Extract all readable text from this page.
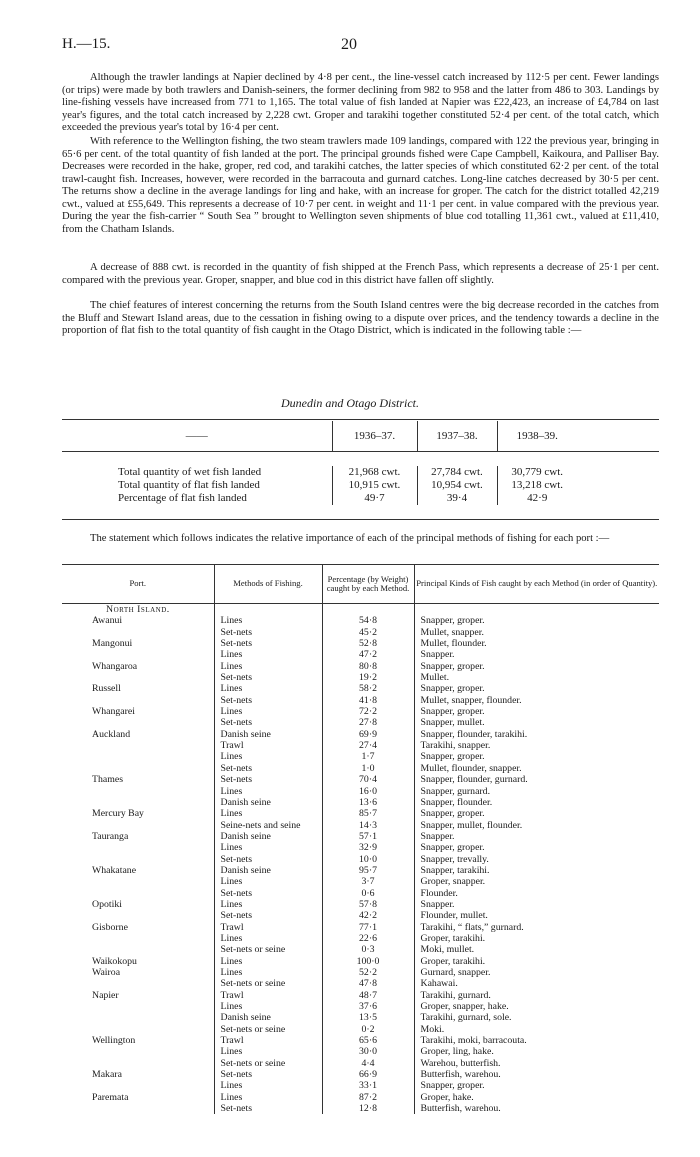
H.—15.	20

Although the trawler landings at Napier declined by 4·8 per cent., the line-vessel catch increased by 112·5 per cent. Fewer landings (or trips) were made by both trawlers and Danish-seiners, the former declining from 982 to 958 and the latter from 486 to 303. Landings by line-fishing vessels have increased from 771 to 1,165. The total value of fish landed at Napier was £22,423, an increase of £4,784 on last year's figures, and the total catch increased by 2,228 cwt. Groper and tarakihi together constituted 52·4 per cent. of the total catch, which exceeded the previous year's total by 16·4 per cent.

With reference to the Wellington fishing, the two steam trawlers made 109 landings, compared with 122 the previous year, bringing in 65·6 per cent. of the total quantity of fish landed at the port. The principal grounds fished were Cape Campbell, Kaikoura, and Palliser Bay. Decreases were recorded in the hake, groper, red cod, and tarakihi catches, the latter species of which constituted 62·2 per cent. of the total trawl-caught fish. Increases, however, were recorded in the barracouta and gurnard catches. Long-line catches decreased by 30·5 per cent. The returns show a decline in the average landings for ling and hake, with an increase for groper. The catch for the district totalled 42,219 cwt., valued at £55,649. This represents a decrease of 10·7 per cent. in weight and 11·1 per cent. in value compared with the previous year. During the year the fish-carrier “ South Sea ” brought to Wellington seven shipments of blue cod totalling 11,361 cwt., valued at £11,410, from the Chatham Islands.

A decrease of 888 cwt. is recorded in the quantity of fish shipped at the French Pass, which represents a decrease of 25·1 per cent. compared with the previous year. Groper, snapper, and blue cod in this district have fallen off slightly.

The chief features of interest concerning the returns from the South Island centres were the big decrease recorded in the catches from the Bluff and Stewart Island areas, due to the cessation in fishing owing to a dispute over prices, and the tendency towards a decline in the proportion of flat fish to the total quantity of fish caught in the Otago District, which is indicated in the following table :—

Dunedin and Otago District.
——	1936–37.	1937–38.	1938–39.	

Total quantity of wet fish landed	21,968 cwt.	27,784 cwt.	30,779 cwt.	
Total quantity of flat fish landed	10,915 cwt.	10,954 cwt.	13,218 cwt.	
Percentage of flat fish landed	49·7	39·4	42·9	

The statement which follows indicates the relative importance of each of the principal methods of fishing for each port :—

Port.	Methods of Fishing.	Percentage (by Weight) caught by each Method.	Principal Kinds of Fish caught by each Method (in order of Quantity).
North Island.			
Awanui	Lines	54·8	Snapper, groper.
	Set-nets	45·2	Mullet, snapper.
Mangonui	Set-nets	52·8	Mullet, flounder.
	Lines	47·2	Snapper.
Whangaroa	Lines	80·8	Snapper, groper.
	Set-nets	19·2	Mullet.
Russell	Lines	58·2	Snapper, groper.
	Set-nets	41·8	Mullet, snapper, flounder.
Whangarei	Lines	72·2	Snapper, groper.
	Set-nets	27·8	Snapper, mullet.
Auckland	Danish seine	69·9	Snapper, flounder, tarakihi.
	Trawl	27·4	Tarakihi, snapper.
	Lines	1·7	Snapper, groper.
	Set-nets	1·0	Mullet, flounder, snapper.
Thames	Set-nets	70·4	Snapper, flounder, gurnard.
	Lines	16·0	Snapper, gurnard.
	Danish seine	13·6	Snapper, flounder.
Mercury Bay	Lines	85·7	Snapper, groper.
	Seine-nets and seine	14·3	Snapper, mullet, flounder.
Tauranga	Danish seine	57·1	Snapper.
	Lines	32·9	Snapper, groper.
	Set-nets	10·0	Snapper, trevally.
Whakatane	Danish seine	95·7	Snapper, tarakihi.
	Lines	3·7	Groper, snapper.
	Set-nets	0·6	Flounder.
Opotiki	Lines	57·8	Snapper.
	Set-nets	42·2	Flounder, mullet.
Gisborne	Trawl	77·1	Tarakihi, “ flats,” gurnard.
	Lines	22·6	Groper, tarakihi.
	Set-nets or seine	0·3	Moki, mullet.
Waikokopu	Lines	100·0	Groper, tarakihi.
Wairoa	Lines	52·2	Gurnard, snapper.
	Set-nets or seine	47·8	Kahawai.
Napier	Trawl	48·7	Tarakihi, gurnard.
	Lines	37·6	Groper, snapper, hake.
	Danish seine	13·5	Tarakihi, gurnard, sole.
	Set-nets or seine	0·2	Moki.
Wellington	Trawl	65·6	Tarakihi, moki, barracouta.
	Lines	30·0	Groper, ling, hake.
	Set-nets or seine	4·4	Warehou, butterfish.
Makara	Set-nets	66·9	Butterfish, warehou.
	Lines	33·1	Snapper, groper.
Paremata	Lines	87·2	Groper, hake.
	Set-nets	12·8	Butterfish, warehou.
